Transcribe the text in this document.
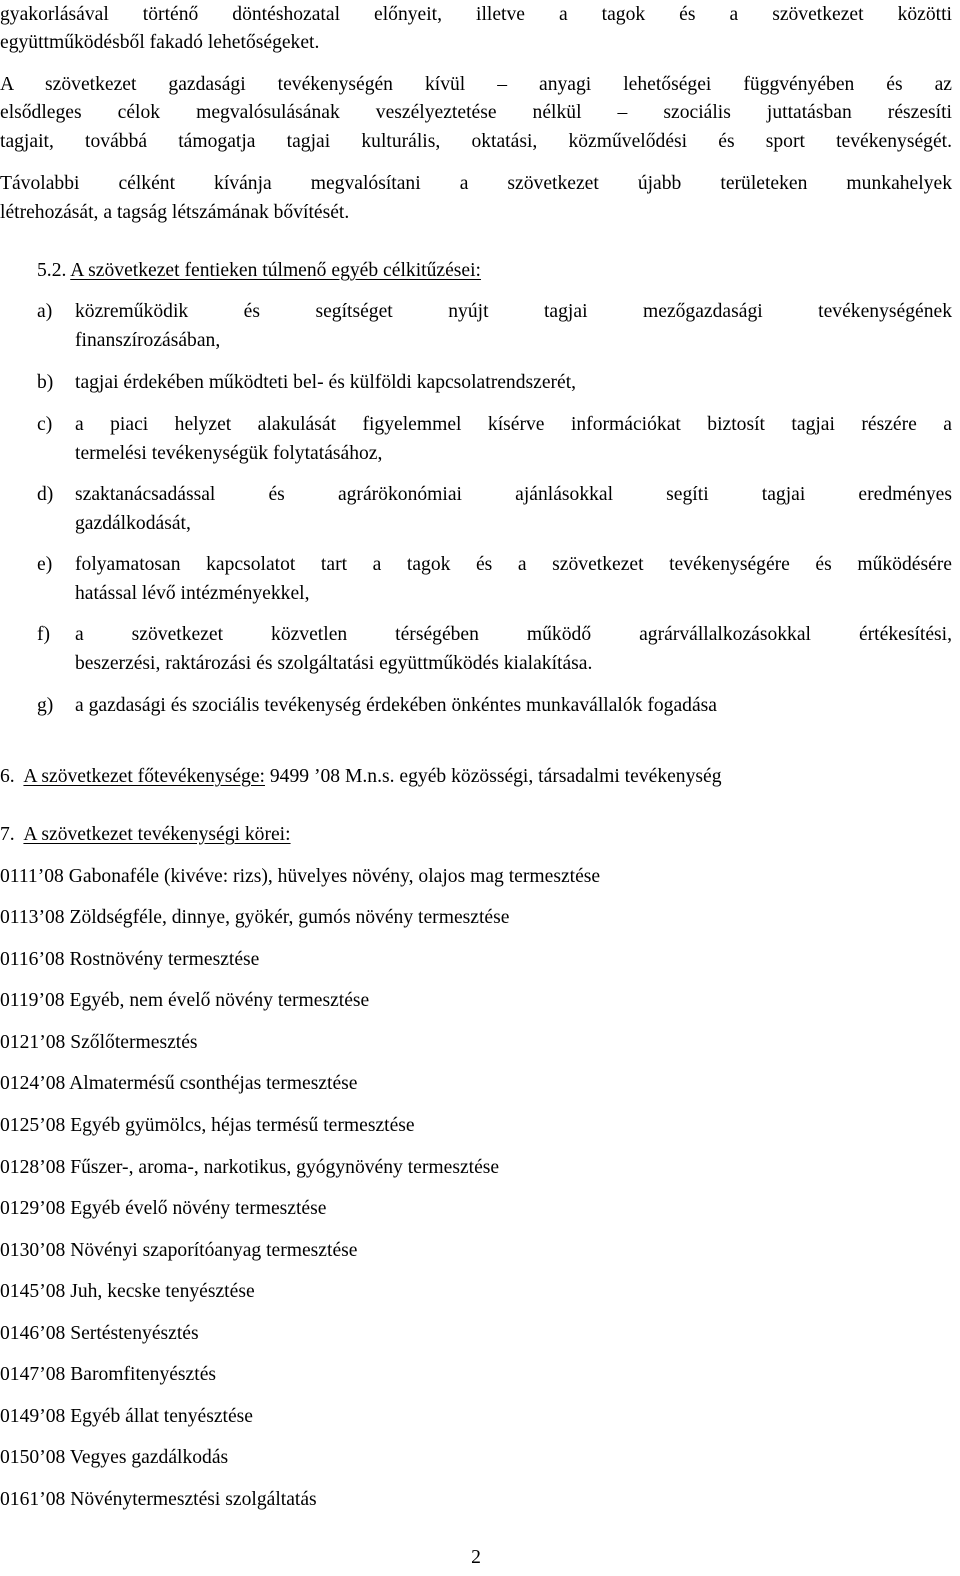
gyakorlásával történő döntéshozatal előnyeit, illetve a tagok és a szövetkezet közötti
együttműködésből fakadó lehetőségeket.
A szövetkezet gazdasági tevékenységén kívül – anyagi lehetőségei függvényében és az
elsődleges célok megvalósulásának veszélyeztetése nélkül – szociális juttatásban részesíti
tagjait, továbbá támogatja tagjai kulturális, oktatási, közművelődési és sport tevékenységét.
Távolabbi célként kívánja megvalósítani a szövetkezet újabb területeken munkahelyek
létrehozását, a tagság létszámának bővítését.
5.2. A szövetkezet fentieken túlmenő egyéb célkitűzései:
a) közreműködik és segítséget nyújt tagjai mezőgazdasági tevékenységének
finanszírozásában,
b) tagjai érdekében működteti bel- és külföldi kapcsolatrendszerét,
c) a piaci helyzet alakulását figyelemmel kísérve információkat biztosít tagjai részére a
termelési tevékenységük folytatásához,
d) szaktanácsadással és agrárökonómiai ajánlásokkal segíti tagjai eredményes
gazdálkodását,
e) folyamatosan kapcsolatot tart a tagok és a szövetkezet tevékenységére és működésére
hatással lévő intézményekkel,
f) a szövetkezet közvetlen térségében működő agrárvállalkozásokkal értékesítési,
beszerzési, raktározási és szolgáltatási együttműködés kialakítása.
g) a gazdasági és szociális tevékenység érdekében önkéntes munkavállalók fogadása
6. A szövetkezet főtevékenysége: 9499 ’08 M.n.s. egyéb közösségi, társadalmi tevékenység
7. A szövetkezet tevékenységi körei:
0111’08 Gabonaféle (kivéve: rizs), hüvelyes növény, olajos mag termesztése
0113’08 Zöldségféle, dinnye, gyökér, gumós növény termesztése
0116’08 Rostnövény termesztése
0119’08 Egyéb, nem évelő növény termesztése
0121’08 Szőlőtermesztés
0124’08 Almatermésű csonthéjas termesztése
0125’08 Egyéb gyümölcs, héjas termésű termesztése
0128’08 Fűszer-, aroma-, narkotikus, gyógynövény termesztése
0129’08 Egyéb évelő növény termesztése
0130’08 Növényi szaporítóanyag termesztése
0145’08 Juh, kecske tenyésztése
0146’08 Sertéstenyésztés
0147’08 Baromfitenyésztés
0149’08 Egyéb állat tenyésztése
0150’08 Vegyes gazdálkodás
0161’08 Növénytermesztési szolgáltatás
2
